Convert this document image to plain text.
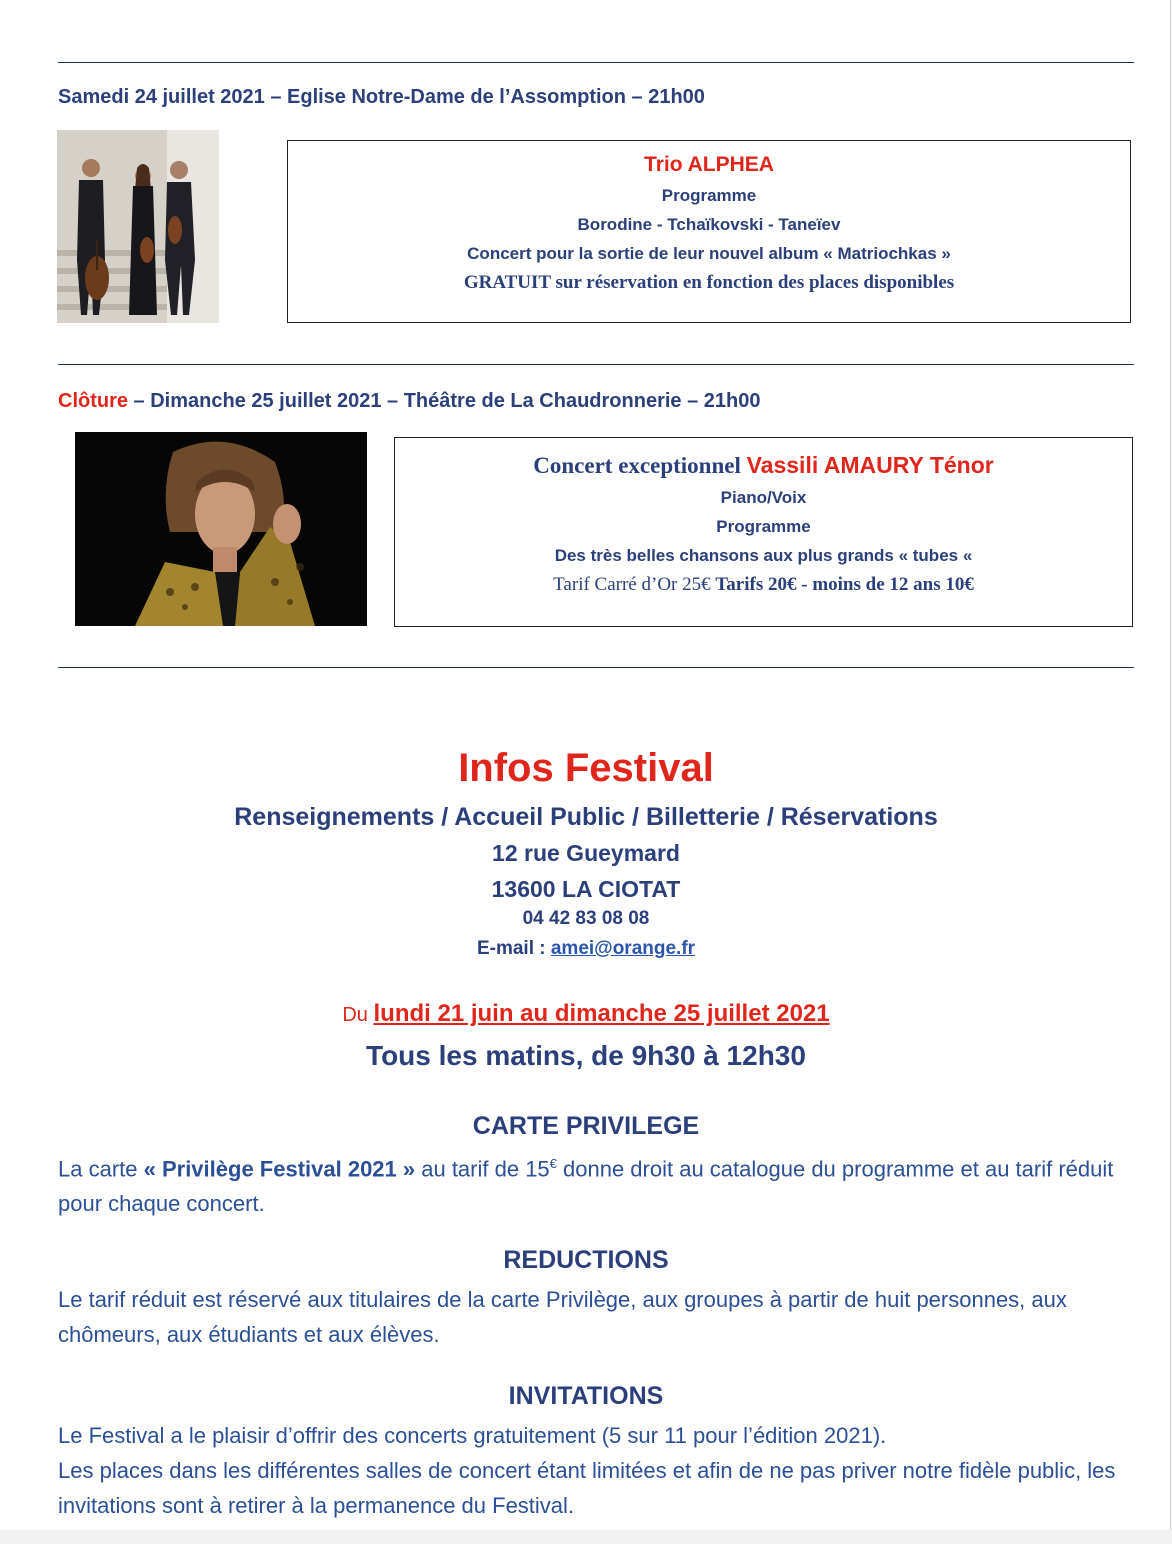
Samedi 24 juillet 2021 – Eglise Notre-Dame de l’Assomption – 21h00
Trio ALPHEA
Programme
Borodine - Tchaïkovski - Taneïev
Concert pour la sortie de leur nouvel album « Matriochkas »
GRATUIT sur réservation en fonction des places disponibles
Clôture – Dimanche 25 juillet 2021 – Théâtre de La Chaudronnerie – 21h00
Concert exceptionnel Vassili AMAURY Ténor
Piano/Voix
Programme
Des très belles chansons aux plus grands « tubes «
Tarif Carré d’Or 25€ Tarifs 20€ - moins de 12 ans 10€
Infos Festival
Renseignements / Accueil Public / Billetterie / Réservations
12 rue Gueymard
13600 LA CIOTAT
04 42 83 08 08
E-mail : amei@orange.fr
Du lundi 21 juin au dimanche 25 juillet 2021
Tous les matins, de 9h30 à 12h30
CARTE PRIVILEGE
La carte « Privilège Festival 2021 » au tarif de 15€ donne droit au catalogue du programme et au tarif réduit pour chaque concert.
REDUCTIONS
Le tarif réduit est réservé aux titulaires de la carte Privilège, aux groupes à partir de huit personnes, aux chômeurs, aux étudiants et aux élèves.
INVITATIONS
Le Festival a le plaisir d’offrir des concerts gratuitement (5 sur 11 pour l’édition 2021).
Les places dans les différentes salles de concert étant limitées et afin de ne pas priver notre fidèle public, les invitations sont à retirer à la permanence du Festival.
